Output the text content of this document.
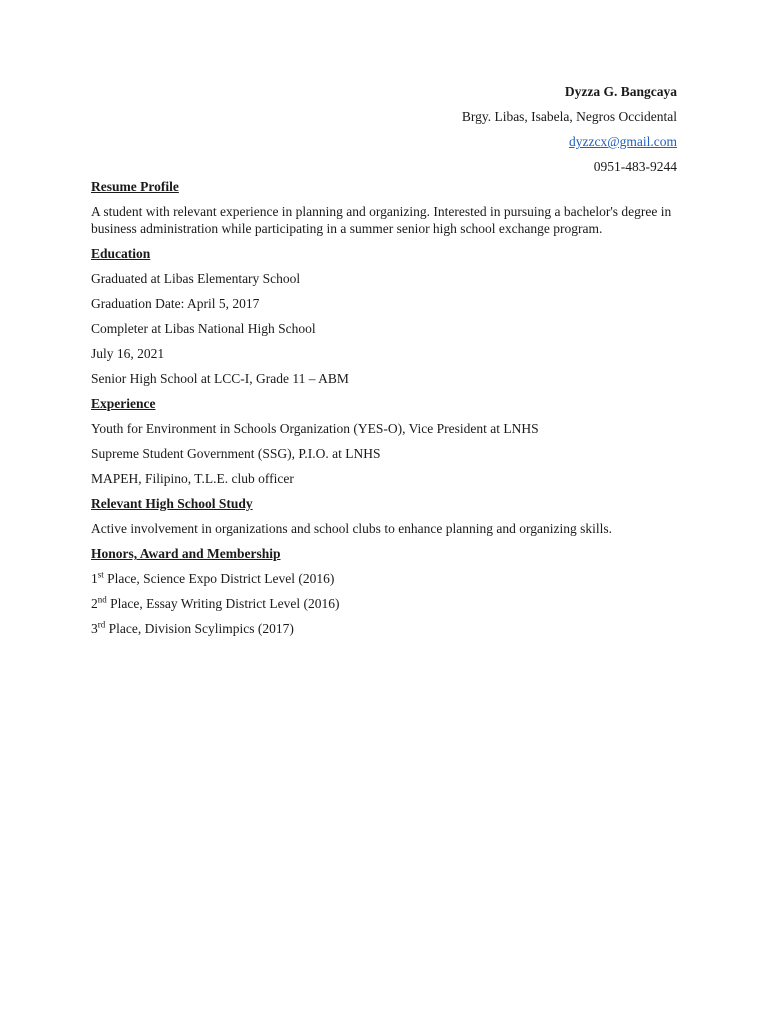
Dyzza G. Bangcaya
Brgy. Libas, Isabela, Negros Occidental
dyzzcx@gmail.com
0951-483-9244
Resume Profile
A student with relevant experience in planning and organizing. Interested in pursuing a bachelor's degree in business administration while participating in a summer senior high school exchange program.
Education
Graduated at Libas Elementary School
Graduation Date: April 5, 2017
Completer at Libas National High School
July 16, 2021
Senior High School at LCC-I, Grade 11 – ABM
Experience
Youth for Environment in Schools Organization (YES-O), Vice President at LNHS
Supreme Student Government (SSG), P.I.O. at LNHS
MAPEH, Filipino, T.L.E. club officer
Relevant High School Study
Active involvement in organizations and school clubs to enhance planning and organizing skills.
Honors, Award and Membership
1st Place, Science Expo District Level (2016)
2nd Place, Essay Writing District Level (2016)
3rd Place, Division Scylimpics (2017)
